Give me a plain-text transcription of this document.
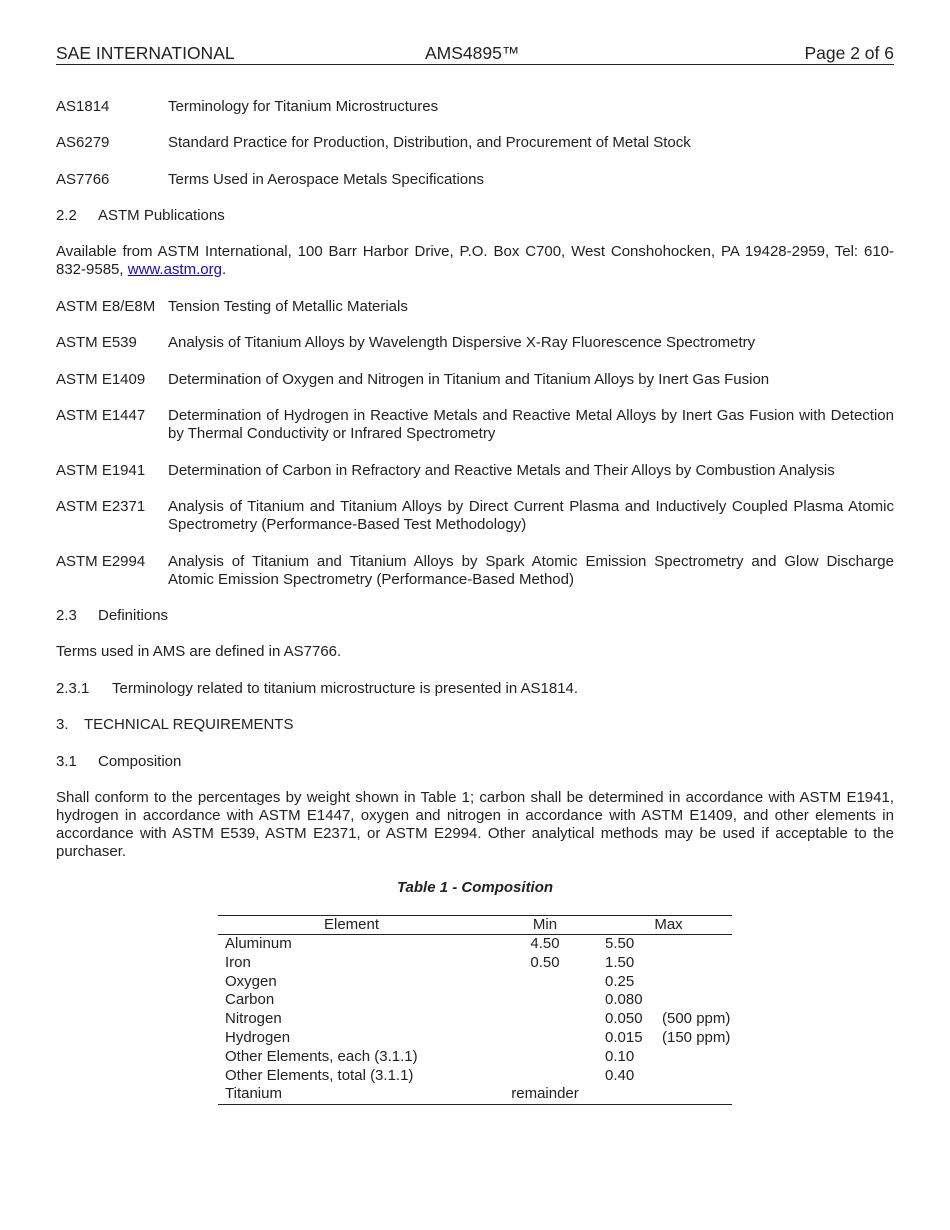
SAE INTERNATIONAL	AMS4895™	Page 2 of 6
AS1814	Terminology for Titanium Microstructures
AS6279	Standard Practice for Production, Distribution, and Procurement of Metal Stock
AS7766	Terms Used in Aerospace Metals Specifications
2.2 ASTM Publications
Available from ASTM International, 100 Barr Harbor Drive, P.O. Box C700, West Conshohocken, PA 19428-2959, Tel: 610-832-9585, www.astm.org.
ASTM E8/E8M Tension Testing of Metallic Materials
ASTM E539 Analysis of Titanium Alloys by Wavelength Dispersive X-Ray Fluorescence Spectrometry
ASTM E1409 Determination of Oxygen and Nitrogen in Titanium and Titanium Alloys by Inert Gas Fusion
ASTM E1447 Determination of Hydrogen in Reactive Metals and Reactive Metal Alloys by Inert Gas Fusion with Detection by Thermal Conductivity or Infrared Spectrometry
ASTM E1941 Determination of Carbon in Refractory and Reactive Metals and Their Alloys by Combustion Analysis
ASTM E2371 Analysis of Titanium and Titanium Alloys by Direct Current Plasma and Inductively Coupled Plasma Atomic Spectrometry (Performance-Based Test Methodology)
ASTM E2994 Analysis of Titanium and Titanium Alloys by Spark Atomic Emission Spectrometry and Glow Discharge Atomic Emission Spectrometry (Performance-Based Method)
2.3 Definitions
Terms used in AMS are defined in AS7766.
2.3.1 Terminology related to titanium microstructure is presented in AS1814.
3. TECHNICAL REQUIREMENTS
3.1 Composition
Shall conform to the percentages by weight shown in Table 1; carbon shall be determined in accordance with ASTM E1941, hydrogen in accordance with ASTM E1447, oxygen and nitrogen in accordance with ASTM E1409, and other elements in accordance with ASTM E539, ASTM E2371, or ASTM E2994. Other analytical methods may be used if acceptable to the purchaser.
Table 1 - Composition
Element	Min	Max	
Aluminum	4.50	5.50	
Iron	0.50	1.50	
Oxygen		0.25	
Carbon		0.080	
Nitrogen		0.050	(500 ppm)
Hydrogen		0.015	(150 ppm)
Other Elements, each (3.1.1)		0.10	
Other Elements, total (3.1.1)		0.40	
Titanium	remainder		
